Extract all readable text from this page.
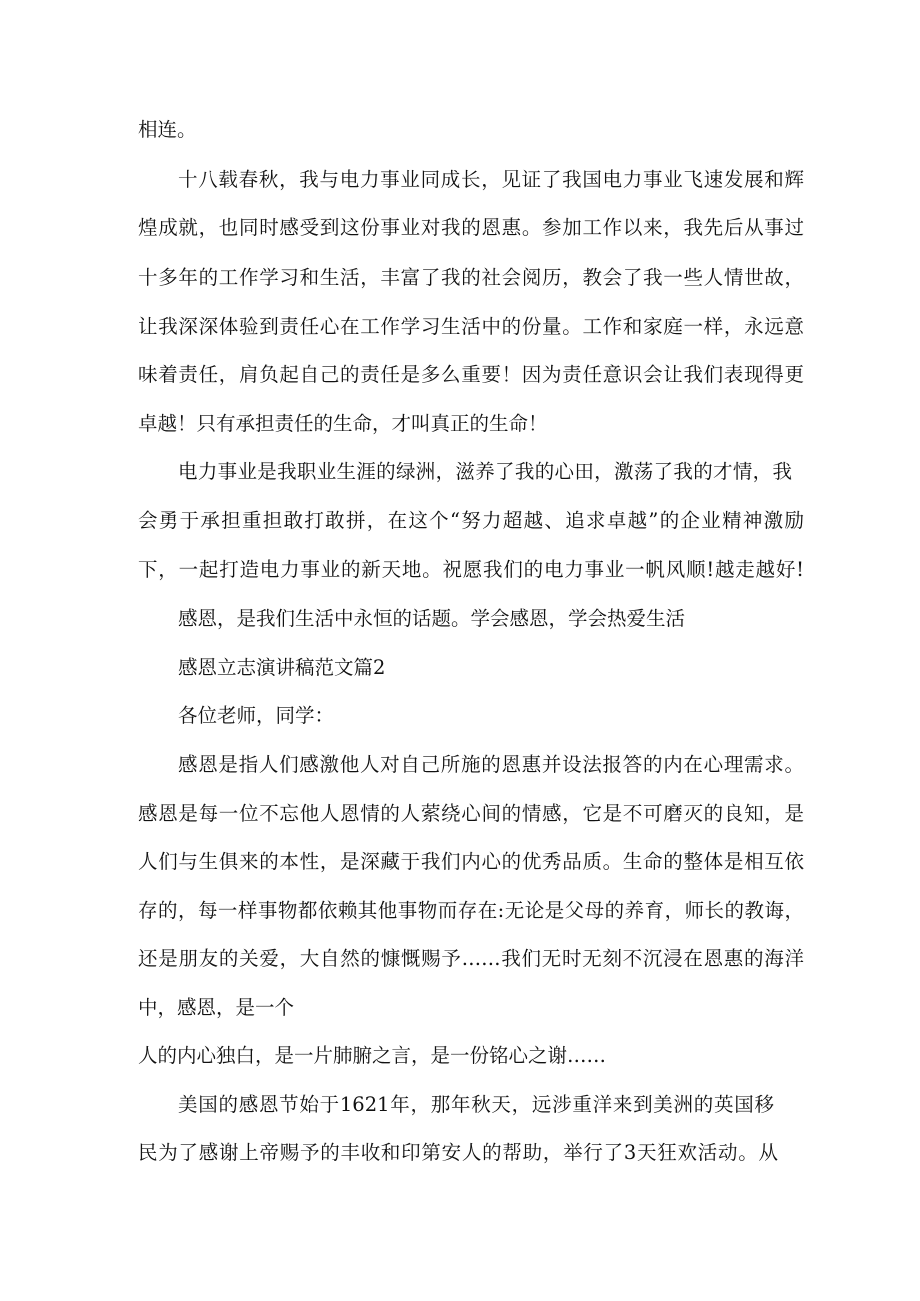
相连。
十八载春秋，我与电力事业同成长，见证了我国电力事业飞速发展和辉
煌成就，也同时感受到这份事业对我的恩惠。参加工作以来，我先后从事过
十多年的工作学习和生活，丰富了我的社会阅历，教会了我一些人情世故，
让我深深体验到责任心在工作学习生活中的份量。工作和家庭一样，永远意
味着责任，肩负起自己的责任是多么重要！因为责任意识会让我们表现得更
卓越！只有承担责任的生命，才叫真正的生命！
电力事业是我职业生涯的绿洲，滋养了我的心田，激荡了我的才情，我
会勇于承担重担敢打敢拼，在这个“努力超越、追求卓越”的企业精神激励
下，一起打造电力事业的新天地。祝愿我们的电力事业一帆风顺!越走越好!
感恩，是我们生活中永恒的话题。学会感恩，学会热爱生活
感恩立志演讲稿范文篇2
各位老师，同学：
感恩是指人们感激他人对自己所施的恩惠并设法报答的内在心理需求。
感恩是每一位不忘他人恩情的人萦绕心间的情感，它是不可磨灭的良知，是
人们与生俱来的本性，是深藏于我们内心的优秀品质。生命的整体是相互依
存的，每一样事物都依赖其他事物而存在:无论是父母的养育，师长的教诲，
还是朋友的关爱，大自然的慷慨赐予……我们无时无刻不沉浸在恩惠的海洋
中，感恩，是一个
人的内心独白，是一片肺腑之言，是一份铭心之谢……
美国的感恩节始于1621年，那年秋天，远涉重洋来到美洲的英国移
民为了感谢上帝赐予的丰收和印第安人的帮助，举行了3天狂欢活动。从
